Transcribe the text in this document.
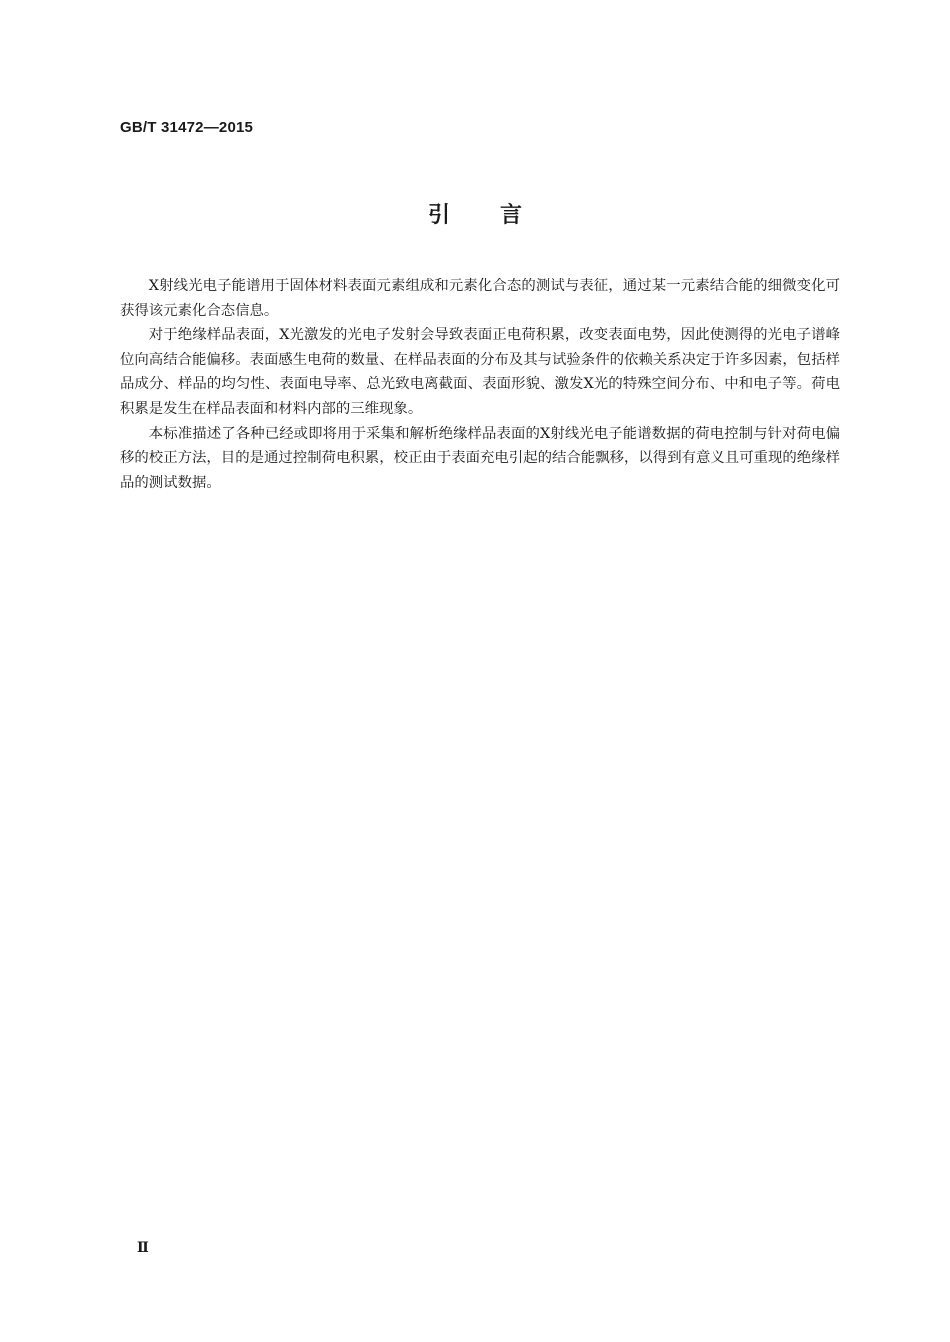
GB/T 31472—2015
引言

X射线光电子能谱用于固体材料表面元素组成和元素化合态的测试与表征，通过某一元素结合能的细微变化可获得该元素化合态信息。

对于绝缘样品表面，X光激发的光电子发射会导致表面正电荷积累，改变表面电势，因此使测得的光电子谱峰位向高结合能偏移。表面感生电荷的数量、在样品表面的分布及其与试验条件的依赖关系决定于许多因素，包括样品成分、样品的均匀性、表面电导率、总光致电离截面、表面形貌、激发X光的特殊空间分布、中和电子等。荷电积累是发生在样品表面和材料内部的三维现象。

本标准描述了各种已经或即将用于采集和解析绝缘样品表面的X射线光电子能谱数据的荷电控制与针对荷电偏移的校正方法，目的是通过控制荷电积累，校正由于表面充电引起的结合能飘移，以得到有意义且可重现的绝缘样品的测试数据。

Ⅱ
